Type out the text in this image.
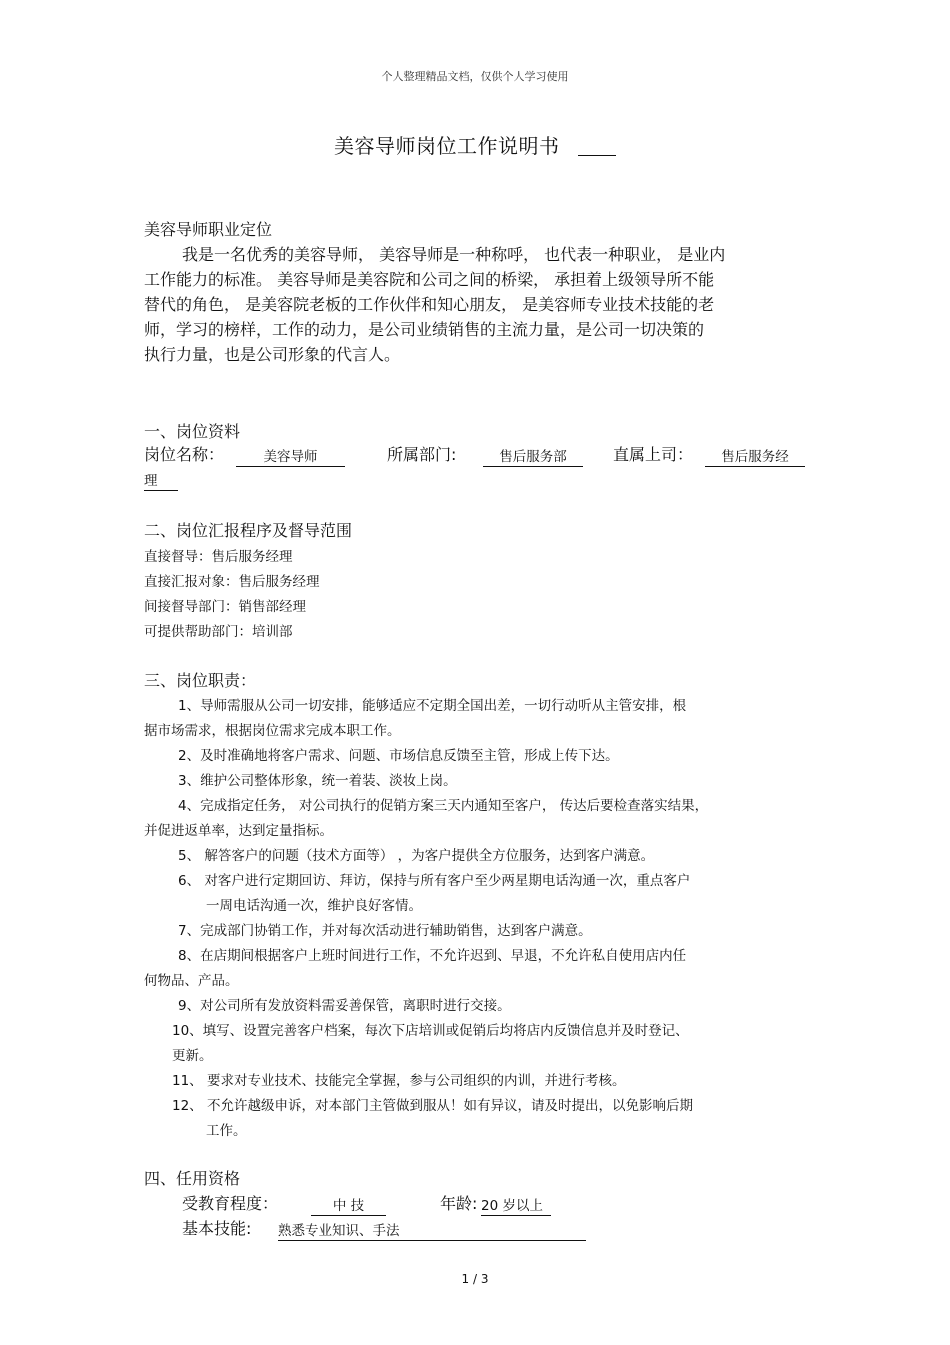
个人整理精品文档，仅供个人学习使用
美容导师岗位工作说明书
美容导师职业定位
我是一名优秀的美容导师， 美容导师是一种称呼， 也代表一种职业， 是业内
工作能力的标准。 美容导师是美容院和公司之间的桥梁， 承担着上级领导所不能
替代的角色， 是美容院老板的工作伙伴和知心朋友， 是美容师专业技术技能的老
师，学习的榜样，工作的动力，是公司业绩销售的主流力量，是公司一切决策的
执行力量，也是公司形象的代言人。
一、岗位资料
岗位名称：	美容导师	所属部门:	售后服务部	直属上司：	售后服务经
理
二、岗位汇报程序及督导范围
直接督导：售后服务经理
直接汇报对象：售后服务经理
间接督导部门：销售部经理
可提供帮助部门：培训部
三、岗位职责：
1、导师需服从公司一切安排，能够适应不定期全国出差，一切行动听从主管安排，根
据市场需求，根据岗位需求完成本职工作。
2、及时准确地将客户需求、问题、市场信息反馈至主管，形成上传下达。
3、维护公司整体形象，统一着装、淡妆上岗。
4、完成指定任务， 对公司执行的促销方案三天内通知至客户， 传达后要检查落实结果，
并促进返单率，达到定量指标。
5、 解答客户的问题（技术方面等） ，为客户提供全方位服务，达到客户满意。
6、 对客户进行定期回访、拜访，保持与所有客户至少两星期电话沟通一次，重点客户
一周电话沟通一次，维护良好客情。
7、完成部门协销工作，并对每次活动进行辅助销售，达到客户满意。
8、在店期间根据客户上班时间进行工作，不允许迟到、早退，不允许私自使用店内任
何物品、产品。
9、对公司所有发放资料需妥善保管，离职时进行交接。
10、填写、设置完善客户档案，每次下店培训或促销后均将店内反馈信息并及时登记、
更新。
11、 要求对专业技术、技能完全掌握，参与公司组织的内训，并进行考核。
12、 不允许越级申诉，对本部门主管做到服从！如有异议，请及时提出，以免影响后期
工作。
四、任用资格
受教育程度：	中 技	年龄: 20 岁以上
基本技能: 熟悉专业知识、手法
1 / 3
